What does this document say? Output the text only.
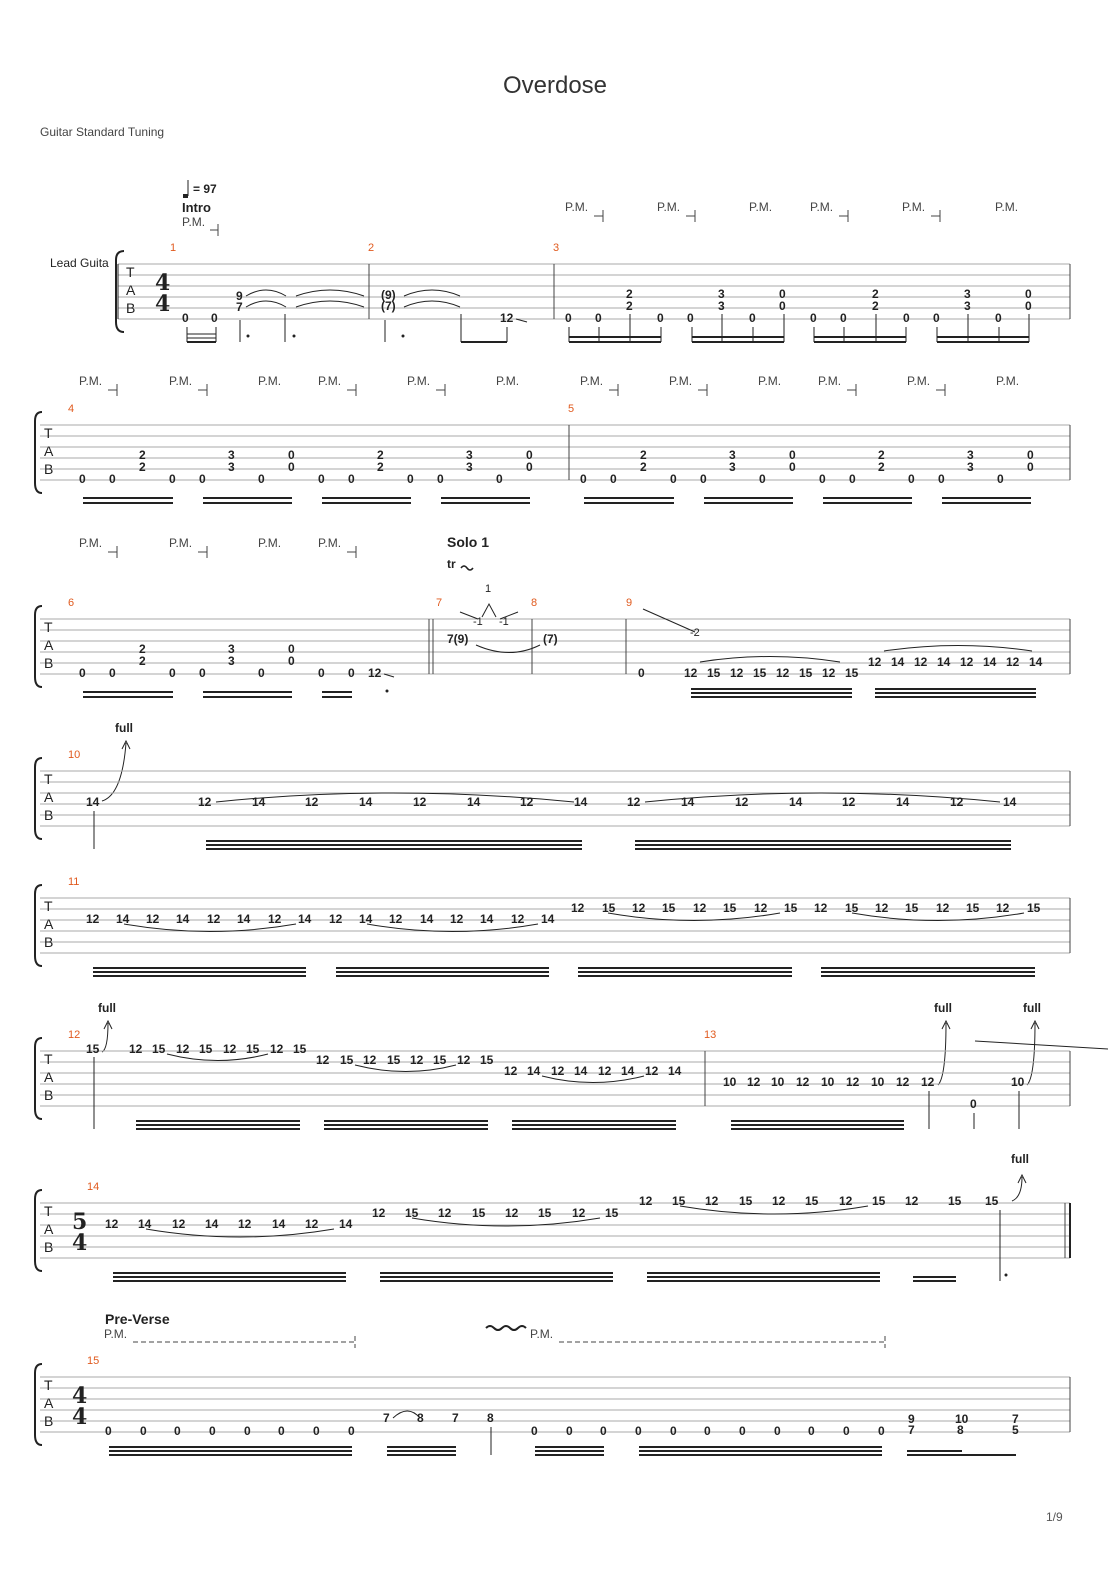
Overdose
Guitar Standard Tuning
1/9
Lead Guita
= 97
Intro
P.M.
T
A
B
4
4
1	2	3
0 0
9
7
(9)
(7)
12
P.M.	P.M.	P.M.	P.M.	P.M.	P.M.
0 0
2
2
0 0
3
3
0
0
0
0 0
2
2
0 0
3
3
0
0
0
P.M.	P.M.	P.M.	P.M.	P.M.	P.M.	P.M.	P.M.	P.M.	P.M.	P.M.	P.M.
T
A
B
4	5
0 0
2
2
0 0
3
3
0
0
0
0 0
2
2
0 0
3
3
0
0
0
0 0
2
2
0 0
3
3
0
0
0
0 0
2
2
0 0
3
3
0
0
0
P.M.	P.M.	P.M.	P.M.	Solo 1
tr
T
A
B
6	7	8	9
0 0
2
2
0 0
3
3
0
0
0
0 0 12
1
-1 -1
7(9)	(7)	-2
0	12 15 12 15 12 15 12 15
12 14 12 14 12 14 12 14
full
T
A
B
10
14	12	14	12	14	12	14	12	14	12	14	12	14	12	14	12	14
T
A
B
11
12 14 12 14 12 14 12 14 12 14 12 14 12 14 12 14
12 15 12 15 12 15 12 15 12 15 12 15 12 15 12 15
full	full	full
T
A
B
12	13
15 12 15 12 15 12 15 12 15
12 15 12 15 12 15 12 15
12 14 12 14 12 14 12 14
10 12 10 12 10 12 10 12 12
0
10
full
T
A
B
5
4
14
12 14 12 14 12 14 12 14
12 15 12 15 12 15 12 15
12 15 12 15 12 15 12 15 12 15 15
Pre-Verse
P.M.	P.M.
T
A
B
4
4
15
0 0 0 0 0 0 0 0
7 8 7 8
0 0 0 0 0 0 0 0 0 0 0
9
7
10
8
7
5
